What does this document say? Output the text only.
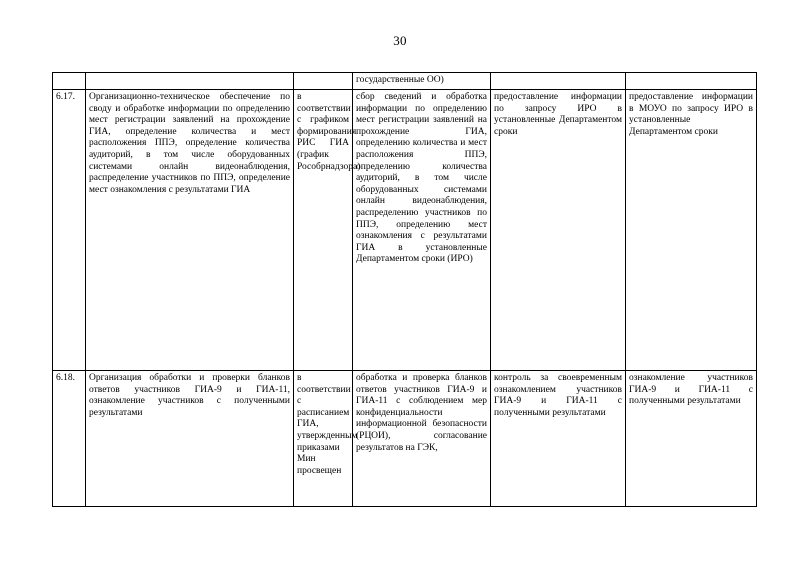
30
			государственные ОО)		
6.17.	Организационно-техническое обеспечение по своду и обработке информации по определению мест регистрации заявлений на прохождение ГИА, определение количества и мест расположения ППЭ, определение количества аудиторий, в том числе оборудованных системами онлайн видеонаблюдения, распределение участников по ППЭ, определение мест ознакомления с результатами ГИА	в соответствии с графиком формирования РИС ГИА (график Рособрнадзора)	сбор сведений и обработка информации по определению мест регистрации заявлений на прохождение ГИА, определению количества и мест расположения ППЭ, определению количества аудиторий, в том числе оборудованных системами онлайн видеонаблюдения, распределению участников по ППЭ, определению мест ознакомления с результатами ГИА в установленные Департаментом сроки (ИРО)	предоставление информации по запросу ИРО в установленные Департаментом сроки	предоставление информации в МОУО по запросу ИРО в установленные Департаментом сроки
6.18.	Организация обработки и проверки бланков ответов участников ГИА-9 и ГИА-11, ознакомление участников с полученными результатами	в соответствии с расписанием ГИА, утвержденным приказами Мин просвещен	обработка и проверка бланков ответов участников ГИА-9 и ГИА-11 с соблюдением мер конфиденциальности информационной безопасности (РЦОИ), согласование результатов на ГЭК,	контроль за своевременным ознакомлением участников ГИА-9 и ГИА-11 с полученными результатами	ознакомление участников ГИА-9 и ГИА-11 с полученными результатами
